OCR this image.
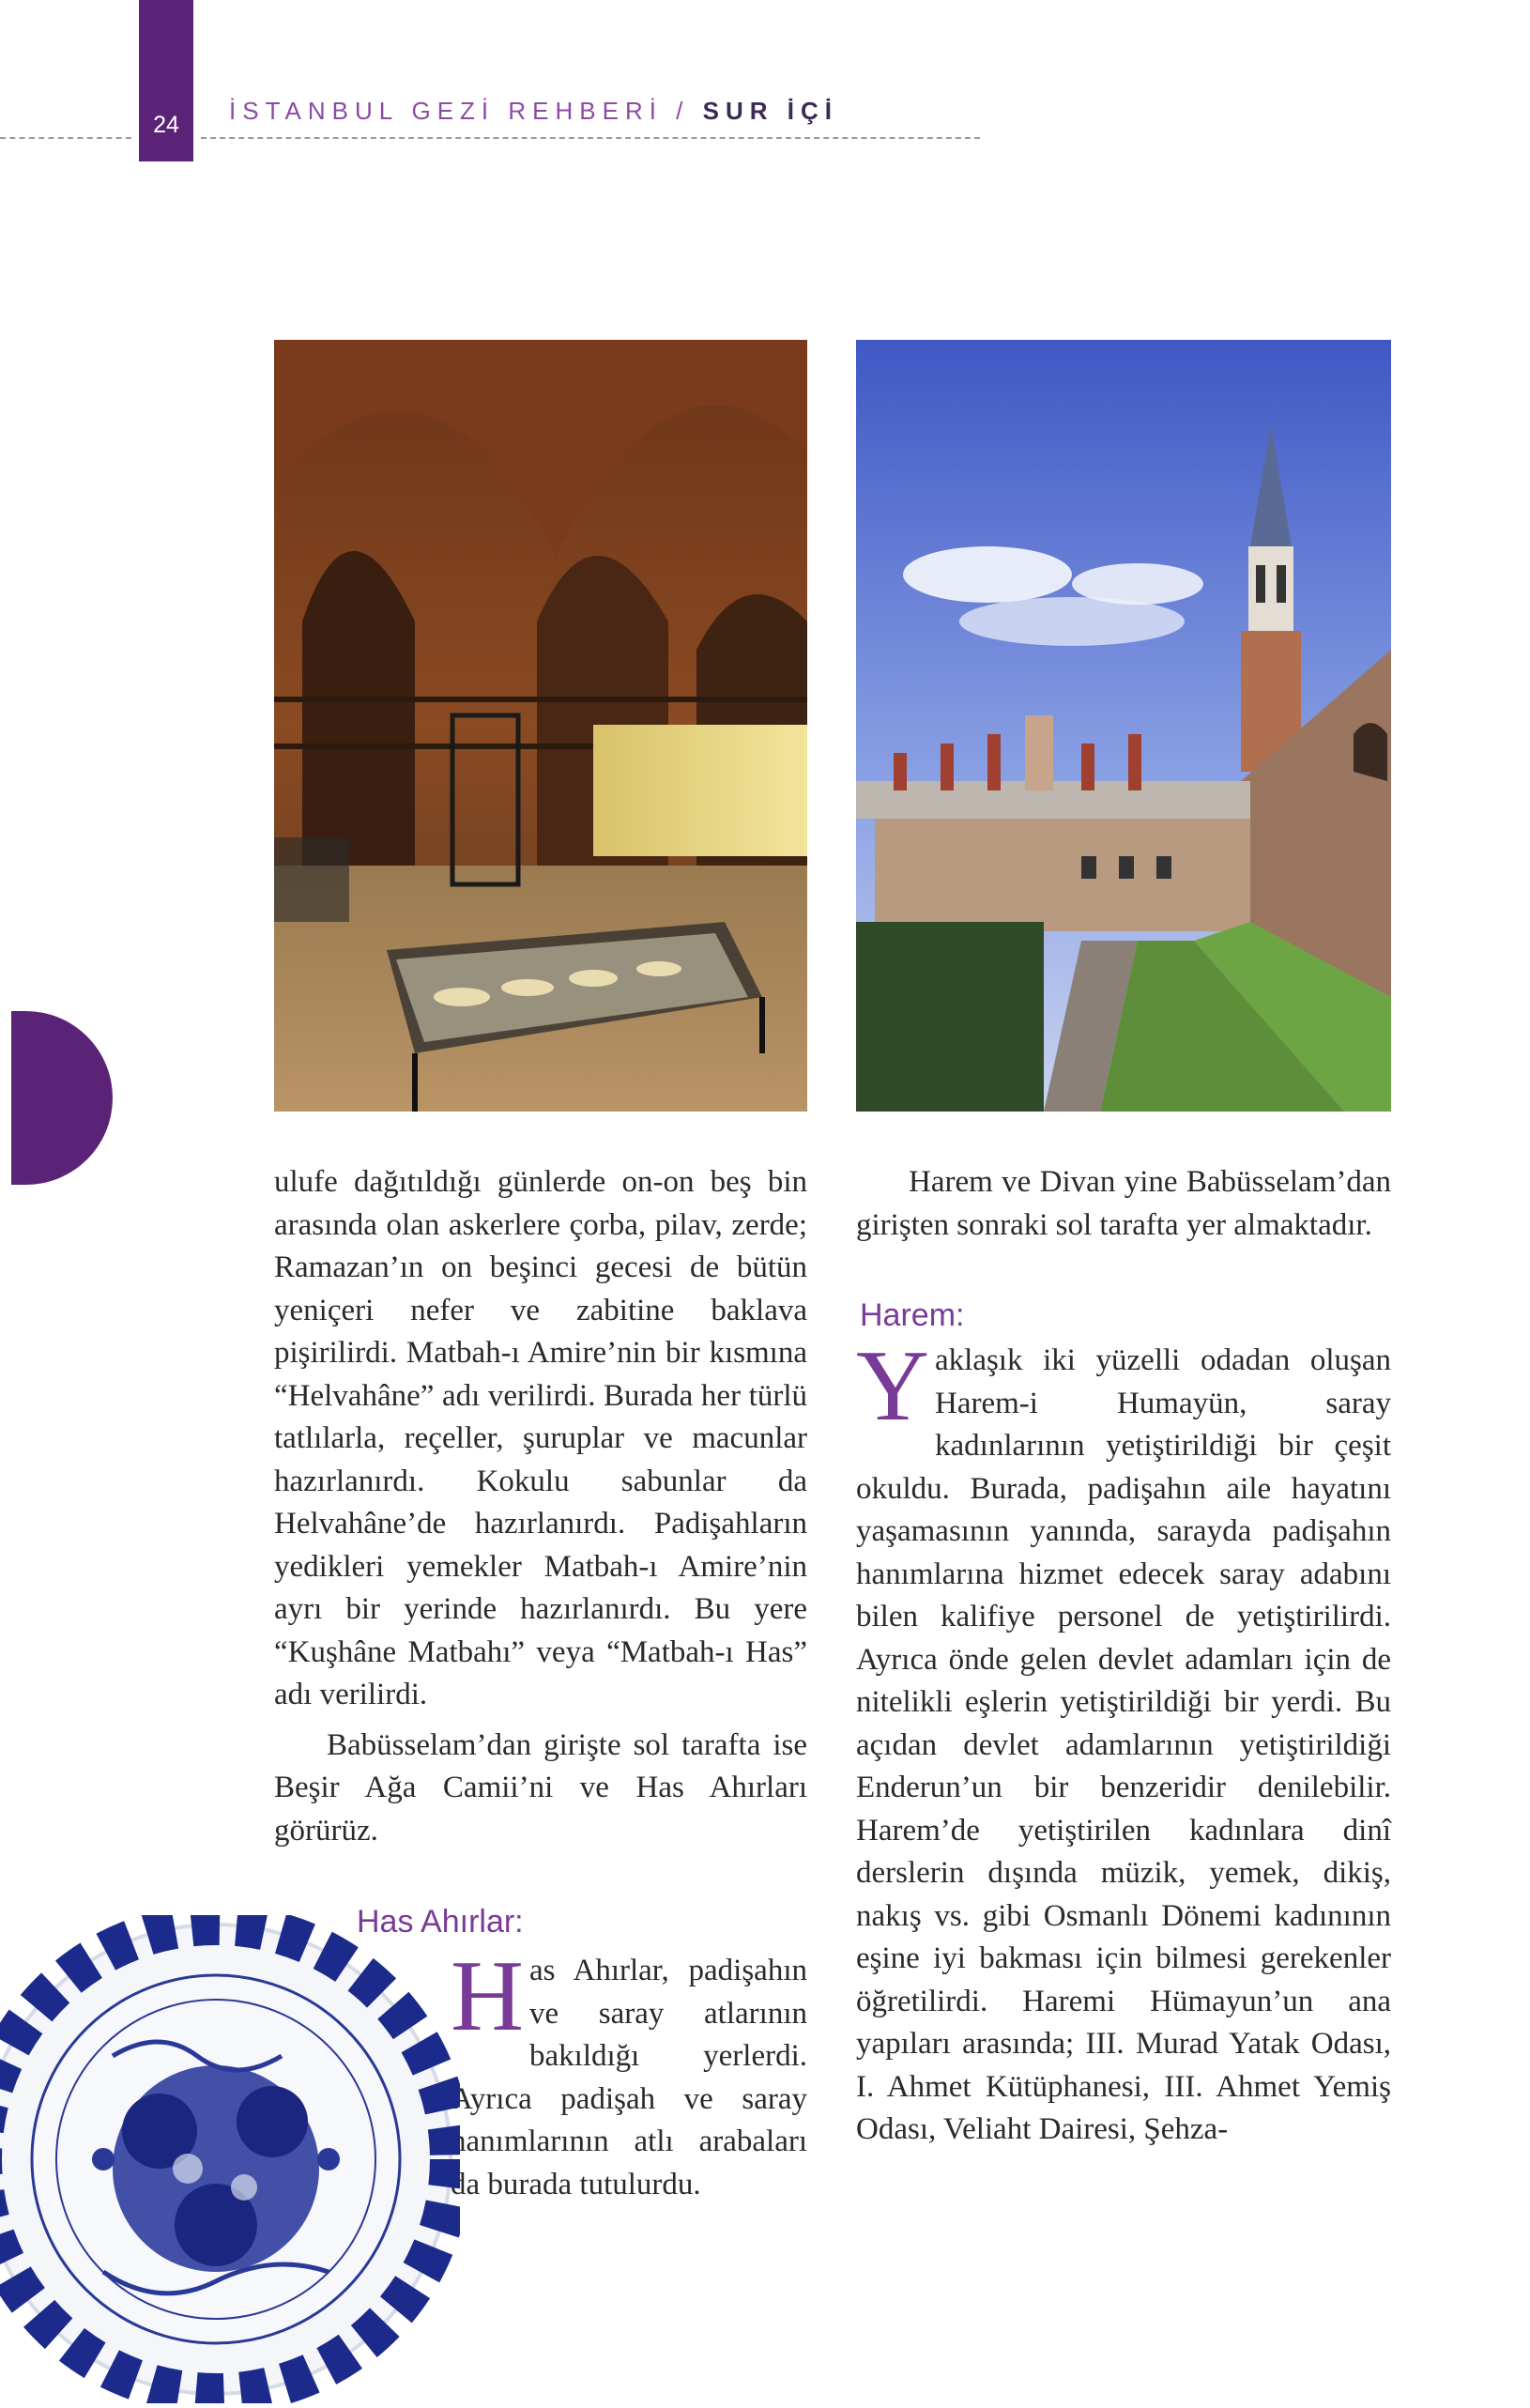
24 İSTANBUL GEZİ REHBERİ / SUR İÇİ

ulufe dağıtıldığı günlerde on-on beş bin arasında olan askerlere çorba, pilav, zerde; Ramazan’ın on beşinci gecesi de bütün yeniçeri nefer ve zabitine baklava pişirilirdi. Matbah-ı Amire’nin bir kısmına “Helvahâne” adı verilirdi. Burada her türlü tatlılarla, reçeller, şuruplar ve macunlar hazırlanırdı. Kokulu sabunlar da Helvahâne’de hazırlanırdı. Padişahların yedikleri yemekler Matbah-ı Amire’nin ayrı bir yerinde hazırlanırdı. Bu yere “Kuşhâne Matbahı” veya “Matbah-ı Has” adı verilirdi.

Babüsselam’dan girişte sol tarafta ise Beşir Ağa Camii’ni ve Has Ahırları görürüz.

Has Ahırlar:

H as Ahırlar, padişahın ve saray atlarının bakıldığı yerlerdi. Ayrıca padişah ve saray hanımlarının atlı arabaları da burada tutulurdu.

Harem ve Divan yine Babüsselam’dan girişten sonraki sol tarafta yer almaktadır.

Harem:

Y aklaşık iki yüzelli odadan oluşan Harem-i Humayün, saray kadınlarının yetiştirildiği bir çeşit okuldu. Burada, padişahın aile hayatını yaşamasının yanında, sarayda padişahın hanımlarına hizmet edecek saray adabını bilen kalifiye personel de yetiştirilirdi. Ayrıca önde gelen devlet adamları için de nitelikli eşlerin yetiştirildiği bir yerdi. Bu açıdan devlet adamlarının yetiştirildiği Enderun’un bir benzeridir denilebilir. Harem’de yetiştirilen kadınlara dinî derslerin dışında müzik, yemek, dikiş, nakış vs. gibi Osmanlı Dönemi kadınının eşine iyi bakması için bilmesi gerekenler öğretilirdi. Haremi Hümayun’un ana yapıları arasında; III. Murad Yatak Odası, I. Ahmet Kütüphanesi, III. Ahmet Yemiş Odası, Veliaht Dairesi, Şehza-
